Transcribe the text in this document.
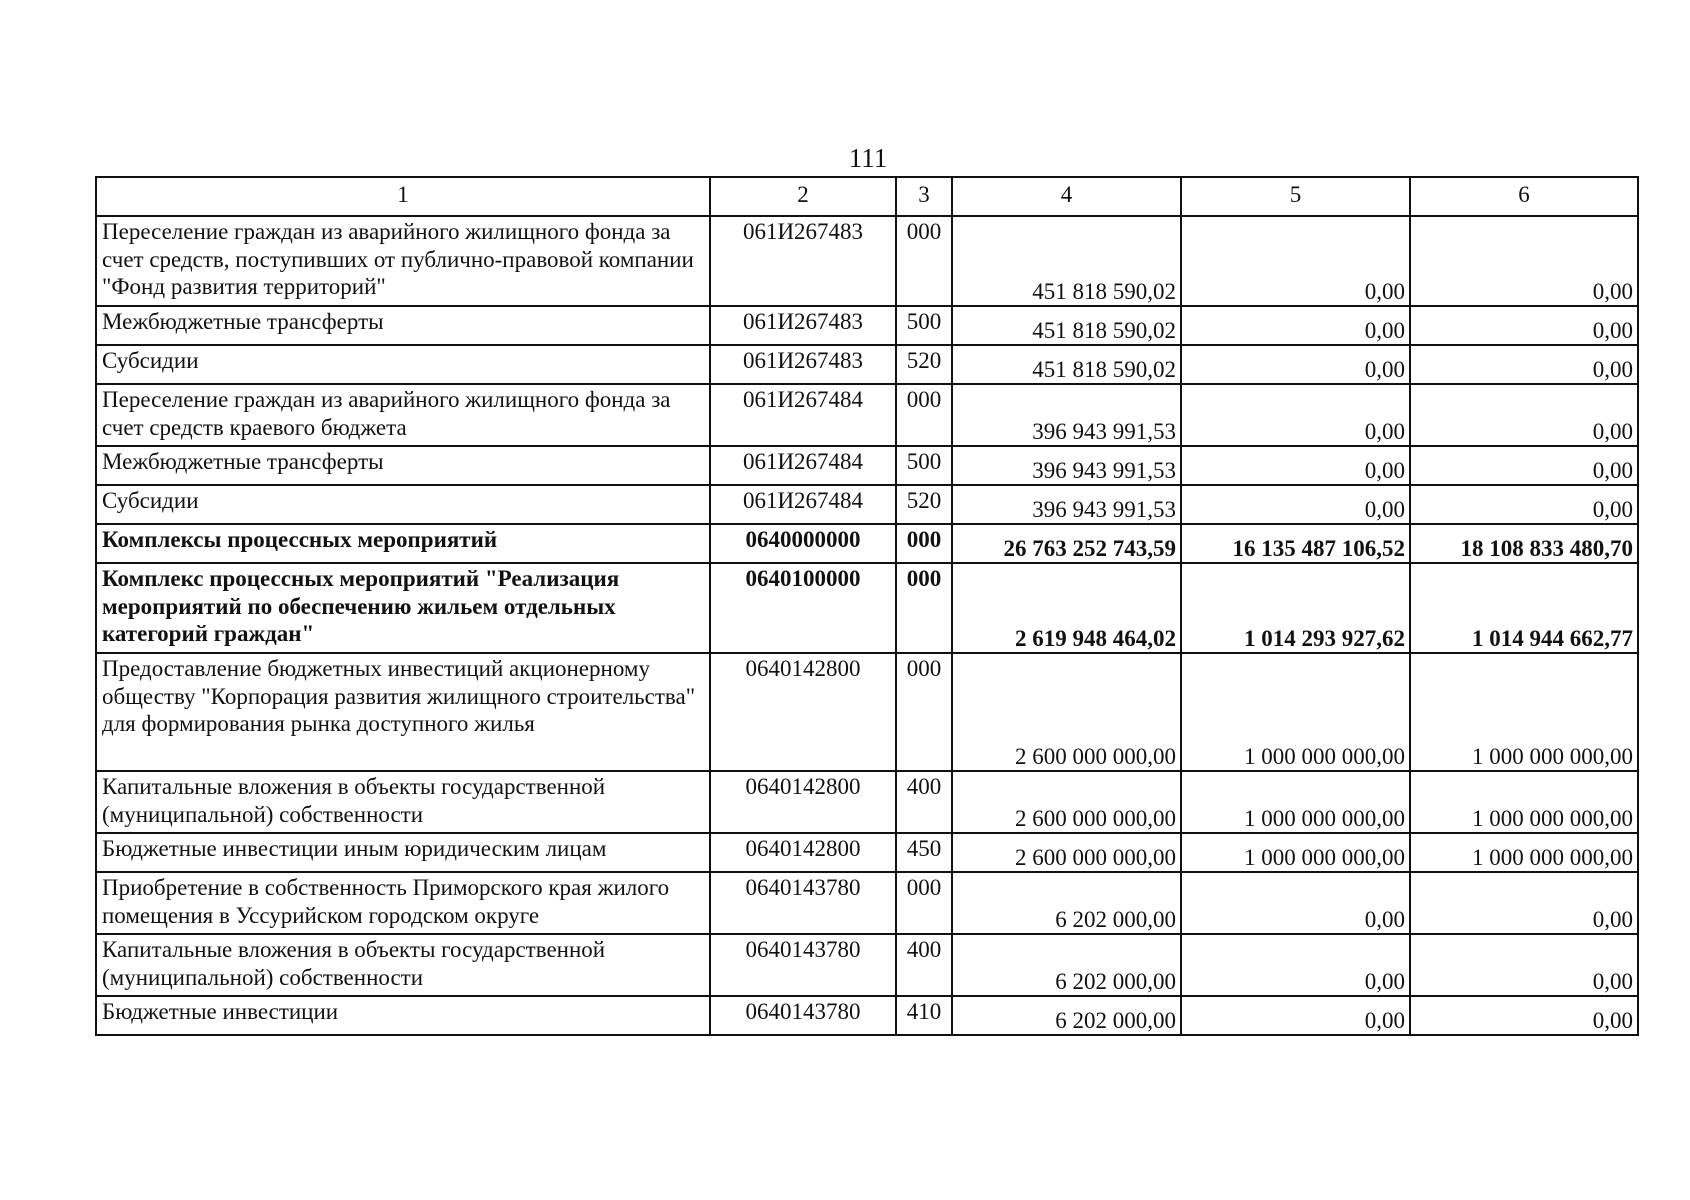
111
1	2	3	4	5	6
Переселение граждан из аварийного жилищного фонда за счет средств, поступивших от публично-правовой компании "Фонд развития территорий"	061И267483	000	451 818 590,02	0,00	0,00
Межбюджетные трансферты	061И267483	500	451 818 590,02	0,00	0,00
Субсидии	061И267483	520	451 818 590,02	0,00	0,00
Переселение граждан из аварийного жилищного фонда за счет средств краевого бюджета	061И267484	000	396 943 991,53	0,00	0,00
Межбюджетные трансферты	061И267484	500	396 943 991,53	0,00	0,00
Субсидии	061И267484	520	396 943 991,53	0,00	0,00
Комплексы процессных мероприятий	0640000000	000	26 763 252 743,59	16 135 487 106,52	18 108 833 480,70
Комплекс процессных мероприятий "Реализация мероприятий по обеспечению жильем отдельных категорий граждан"	0640100000	000	2 619 948 464,02	1 014 293 927,62	1 014 944 662,77
Предоставление бюджетных инвестиций акционерному обществу "Корпорация развития жилищного строительства" для формирования рынка доступного жилья	0640142800	000	2 600 000 000,00	1 000 000 000,00	1 000 000 000,00
Капитальные вложения в объекты государственной (муниципальной) собственности	0640142800	400	2 600 000 000,00	1 000 000 000,00	1 000 000 000,00
Бюджетные инвестиции иным юридическим лицам	0640142800	450	2 600 000 000,00	1 000 000 000,00	1 000 000 000,00
Приобретение в собственность Приморского края жилого помещения в Уссурийском городском округе	0640143780	000	6 202 000,00	0,00	0,00
Капитальные вложения в объекты государственной (муниципальной) собственности	0640143780	400	6 202 000,00	0,00	0,00
Бюджетные инвестиции	0640143780	410	6 202 000,00	0,00	0,00
